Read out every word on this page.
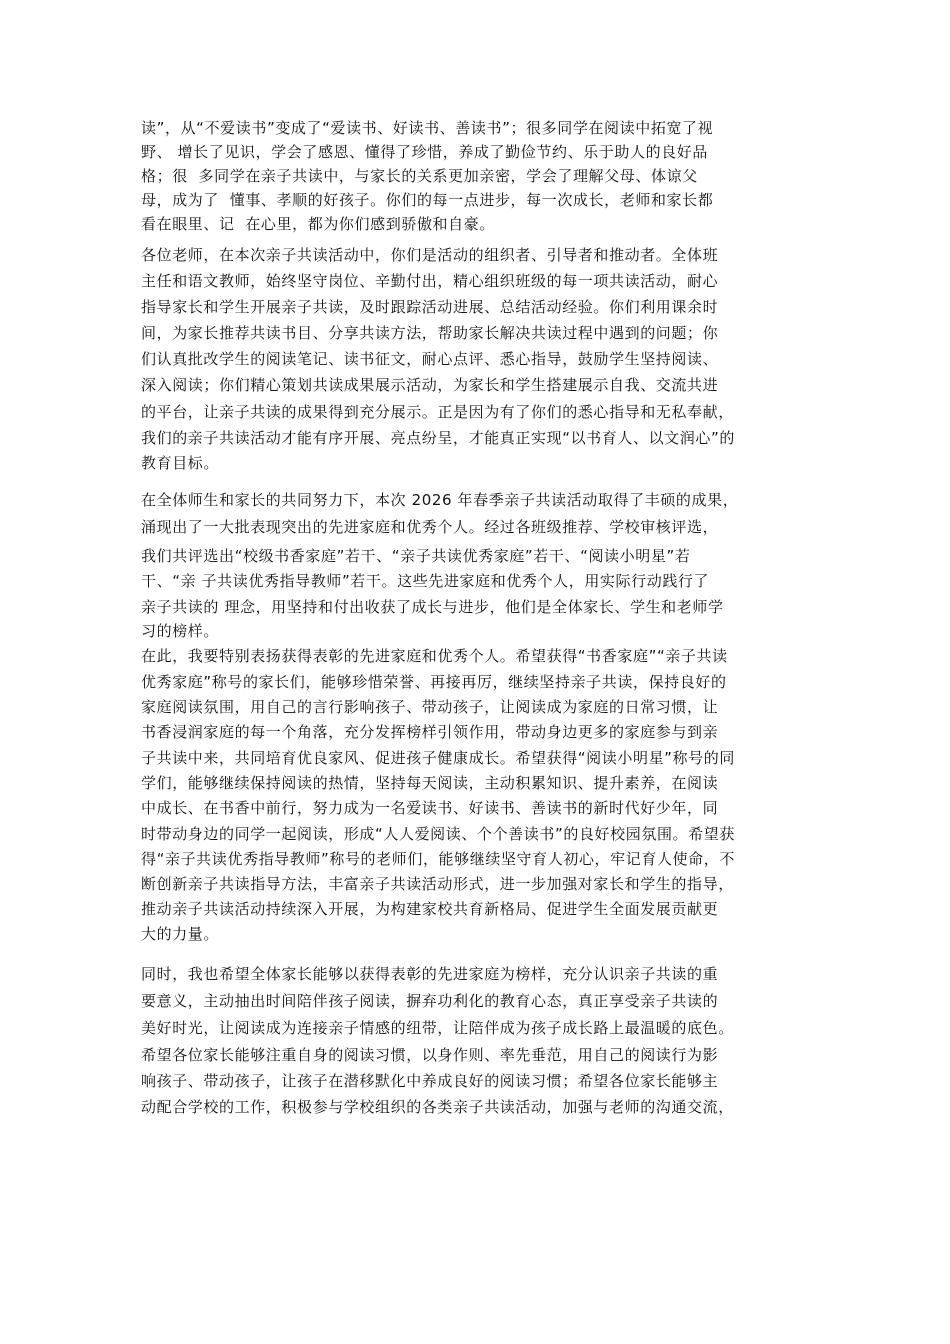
读”，从“不爱读书”变成了“爱读书、好读书、善读书”；很多同学在阅读中拓宽了视

野、 增长了见识，学会了感恩、懂得了珍惜，养成了勤俭节约、乐于助人的良好品

格；很  多同学在亲子共读中，与家长的关系更加亲密，学会了理解父母、体谅父

母，成为了  懂事、孝顺的好孩子。你们的每一点进步，每一次成长，老师和家长都

看在眼里、记  在心里，都为你们感到骄傲和自豪。

各位老师，在本次亲子共读活动中，你们是活动的组织者、引导者和推动者。全体班

主任和语文教师，始终坚守岗位、辛勤付出，精心组织班级的每一项共读活动，耐心

指导家长和学生开展亲子共读，及时跟踪活动进展、总结活动经验。你们利用课余时

间，为家长推荐共读书目、分享共读方法，帮助家长解决共读过程中遇到的问题；你

们认真批改学生的阅读笔记、读书征文，耐心点评、悉心指导，鼓励学生坚持阅读、

深入阅读；你们精心策划共读成果展示活动，为家长和学生搭建展示自我、交流共进

的平台，让亲子共读的成果得到充分展示。正是因为有了你们的悉心指导和无私奉献，

我们的亲子共读活动才能有序开展、亮点纷呈，才能真正实现“以书育人、以文润心”的

教育目标。

在全体师生和家长的共同努力下，本次 2026 年春季亲子共读活动取得了丰硕的成果，

涌现出了一大批表现突出的先进家庭和优秀个人。经过各班级推荐、学校审核评选，

我们共评选出“校级书香家庭”若干、“亲子共读优秀家庭”若干、“阅读小明星”若

干、“亲 子共读优秀指导教师”若干。这些先进家庭和优秀个人，用实际行动践行了

亲子共读的 理念，用坚持和付出收获了成长与进步，他们是全体家长、学生和老师学

习的榜样。

在此，我要特别表扬获得表彰的先进家庭和优秀个人。希望获得“书香家庭”“亲子共读

优秀家庭”称号的家长们，能够珍惜荣誉、再接再厉，继续坚持亲子共读，保持良好的

家庭阅读氛围，用自己的言行影响孩子、带动孩子，让阅读成为家庭的日常习惯，让

书香浸润家庭的每一个角落，充分发挥榜样引领作用，带动身边更多的家庭参与到亲

子共读中来，共同培育优良家风、促进孩子健康成长。希望获得“阅读小明星”称号的同

学们，能够继续保持阅读的热情，坚持每天阅读，主动积累知识、提升素养，在阅读

中成长、在书香中前行，努力成为一名爱读书、好读书、善读书的新时代好少年，同

时带动身边的同学一起阅读，形成“人人爱阅读、个个善读书”的良好校园氛围。希望获

得“亲子共读优秀指导教师”称号的老师们，能够继续坚守育人初心，牢记育人使命，不

断创新亲子共读指导方法，丰富亲子共读活动形式，进一步加强对家长和学生的指导，

推动亲子共读活动持续深入开展，为构建家校共育新格局、促进学生全面发展贡献更

大的力量。

同时，我也希望全体家长能够以获得表彰的先进家庭为榜样，充分认识亲子共读的重

要意义，主动抽出时间陪伴孩子阅读，摒弃功利化的教育心态，真正享受亲子共读的

美好时光，让阅读成为连接亲子情感的纽带，让陪伴成为孩子成长路上最温暖的底色。

希望各位家长能够注重自身的阅读习惯，以身作则、率先垂范，用自己的阅读行为影

响孩子、带动孩子，让孩子在潜移默化中养成良好的阅读习惯；希望各位家长能够主

动配合学校的工作，积极参与学校组织的各类亲子共读活动，加强与老师的沟通交流，
